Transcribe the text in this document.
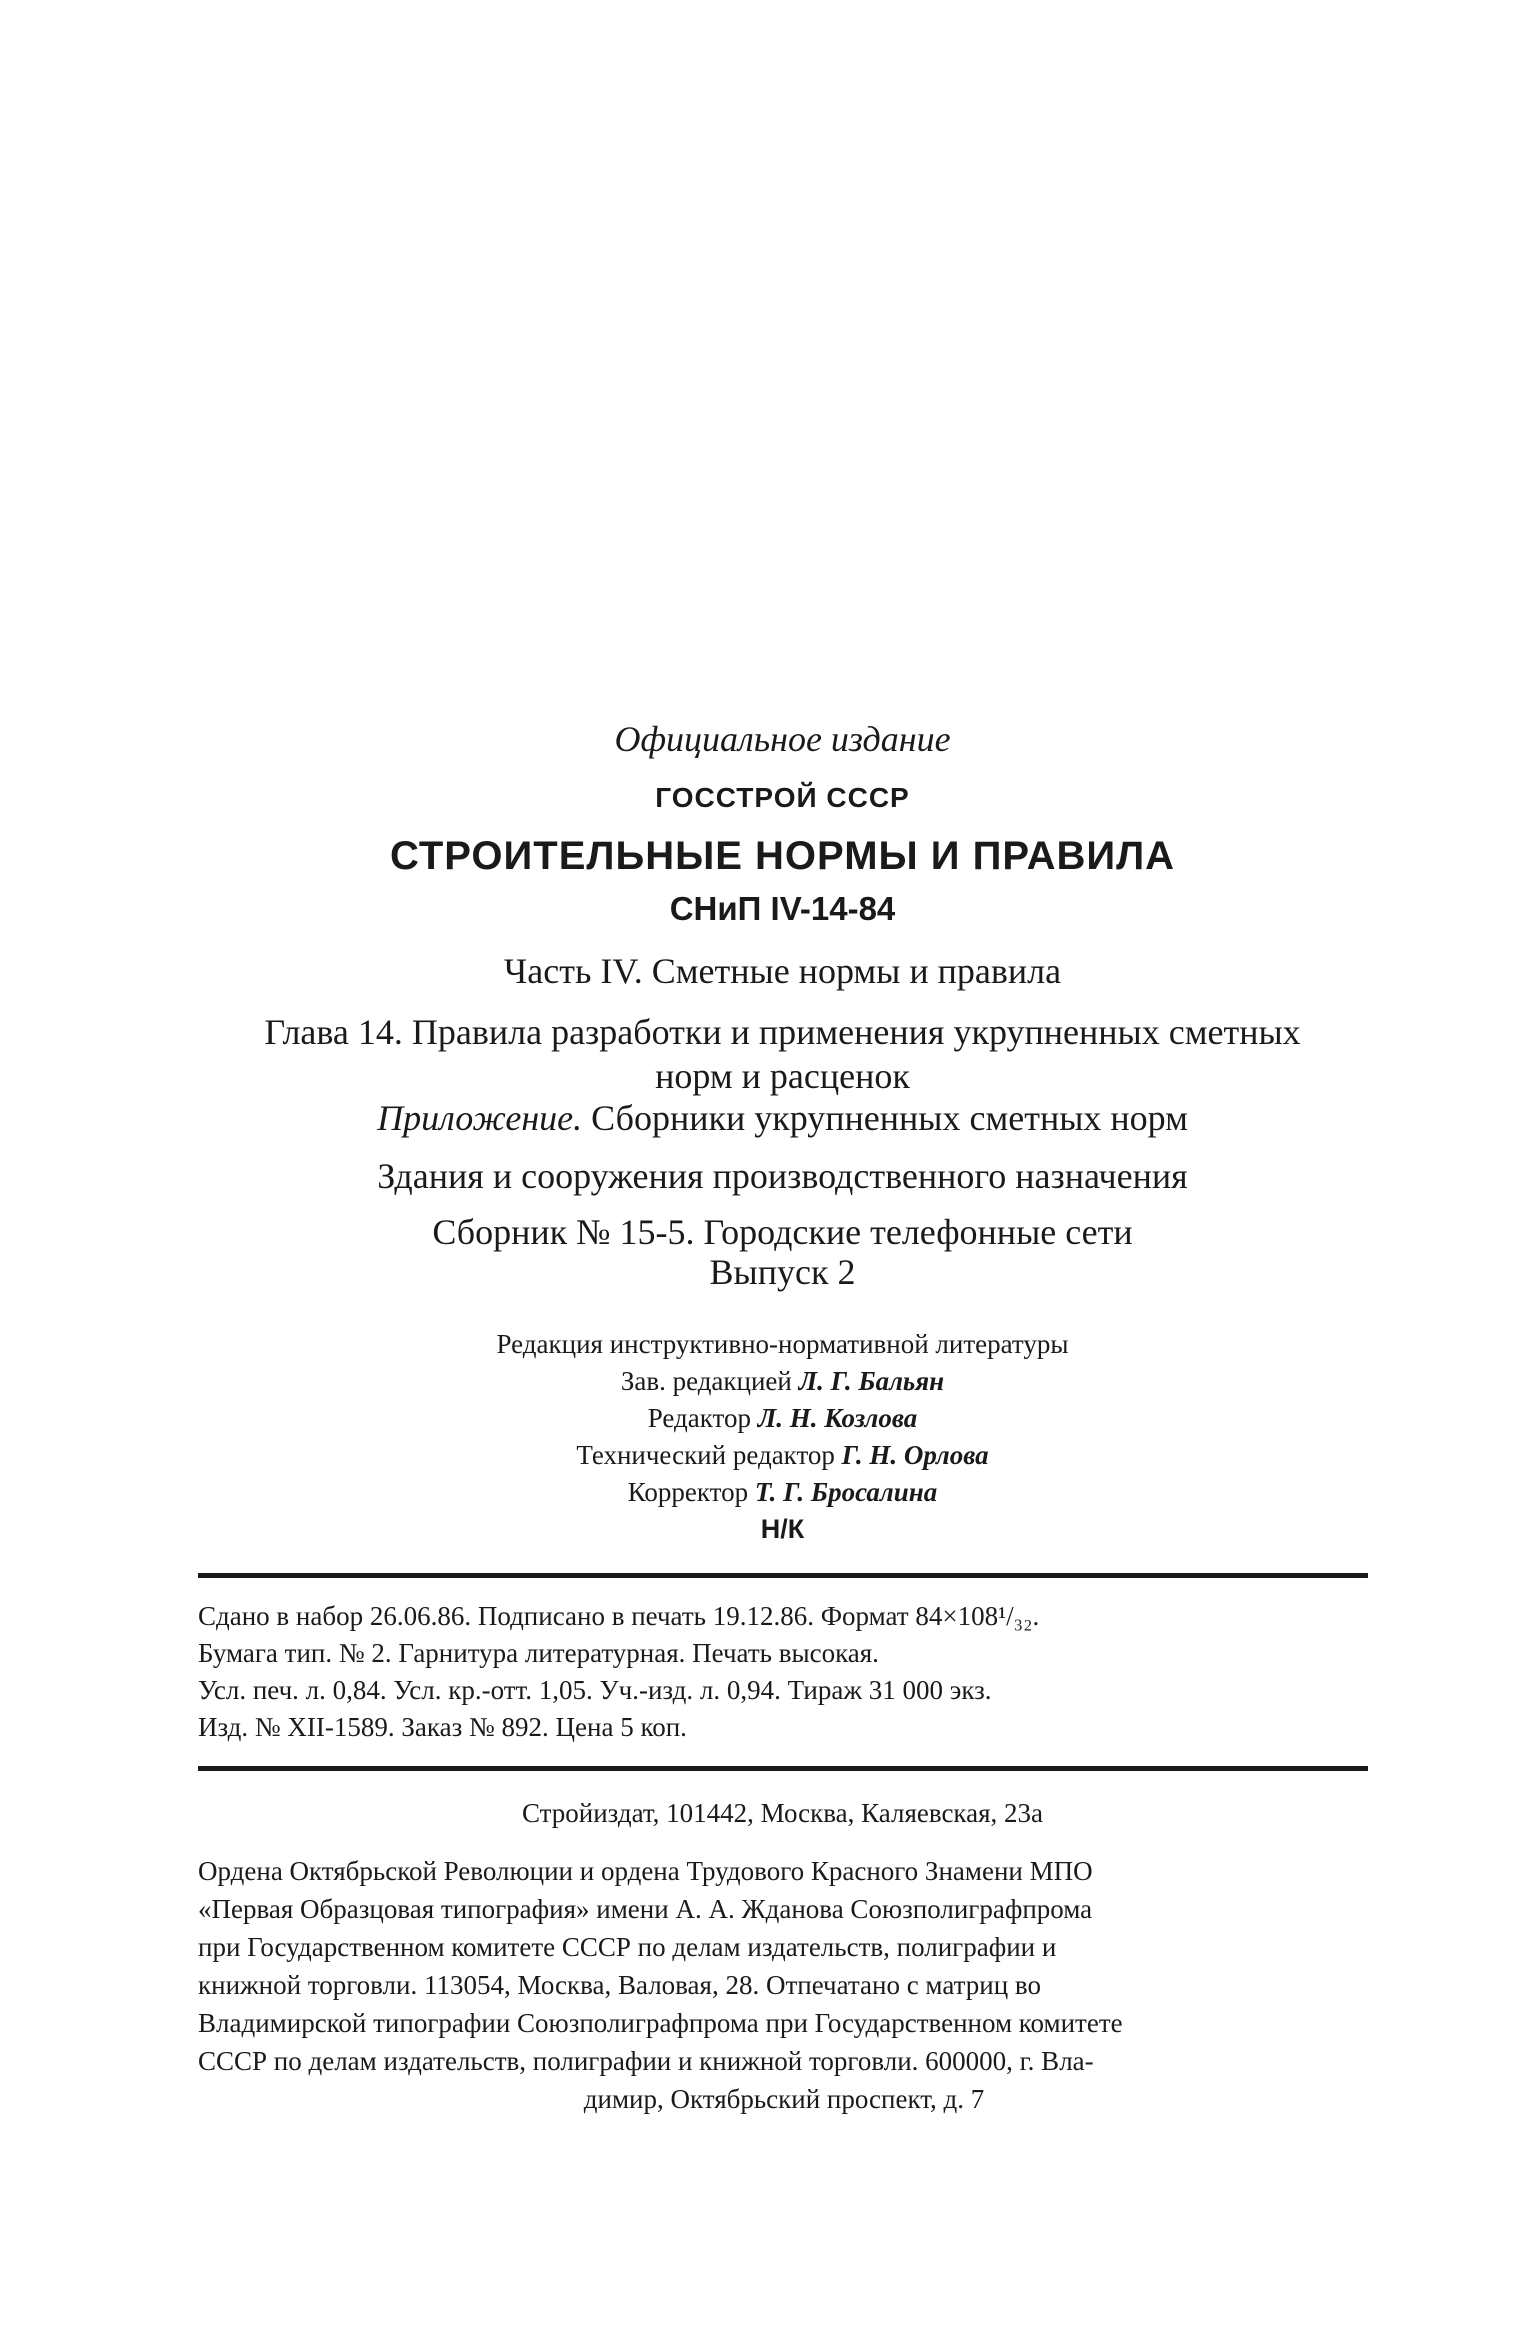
Официальное издание
ГОССТРОЙ СССР
СТРОИТЕЛЬНЫЕ НОРМЫ И ПРАВИЛА
СНиП IV-14-84
Часть IV. Сметные нормы и правила
Глава 14. Правила разработки и применения укрупненных сметных
норм и расценок
Приложение. Сборники укрупненных сметных норм
Здания и сооружения производственного назначения
Сборник № 15-5. Городские телефонные сети
Выпуск 2
Редакция инструктивно-нормативной литературы
Зав. редакцией Л. Г. Бальян
Редактор Л. Н. Козлова
Технический редактор Г. Н. Орлова
Корректор Т. Г. Бросалина
Н/К
Сдано в набор 26.06.86. Подписано в печать 19.12.86. Формат 84×108¹/₃₂.
Бумага тип. № 2. Гарнитура литературная. Печать высокая.
Усл. печ. л. 0,84. Усл. кр.-отт. 1,05. Уч.-изд. л. 0,94. Тираж 31 000 экз.
Изд. № XII-1589. Заказ № 892. Цена 5 коп.
Стройиздат, 101442, Москва, Каляевская, 23а
Ордена Октябрьской Революции и ордена Трудового Красного Знамени МПО
«Первая Образцовая типография» имени А. А. Жданова Союзполиграфпрома
при Государственном комитете СССР по делам издательств, полиграфии и
книжной торговли. 113054, Москва, Валовая, 28. Отпечатано с матриц во
Владимирской типографии Союзполиграфпрома при Государственном комитете
СССР по делам издательств, полиграфии и книжной торговли. 600000, г. Вла-
димир, Октябрьский проспект, д. 7
